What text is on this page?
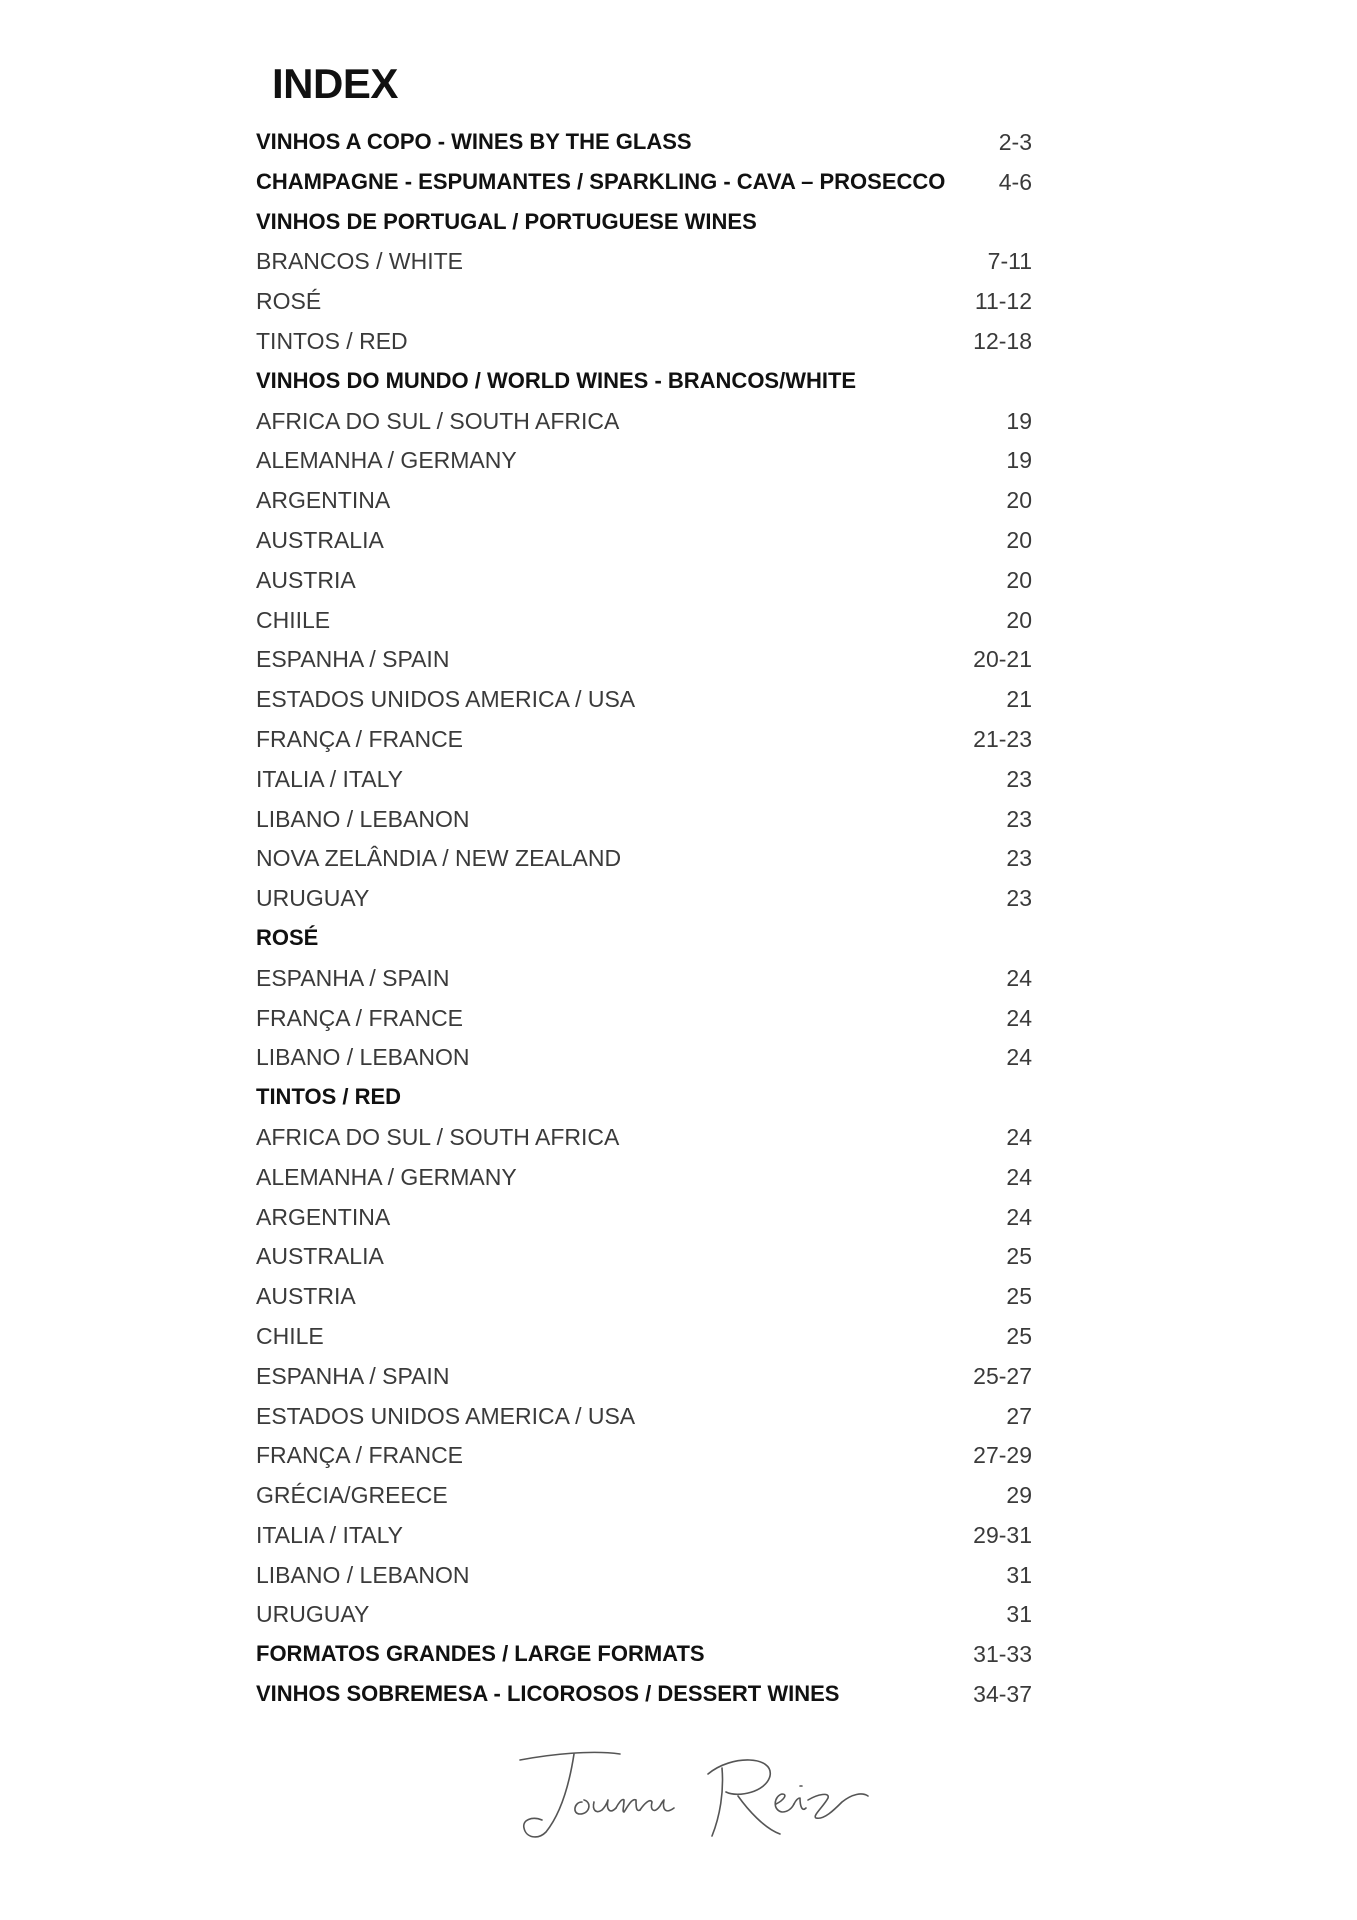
INDEX
VINHOS A COPO - WINES BY THE GLASS	2-3
CHAMPAGNE - ESPUMANTES / SPARKLING - CAVA – PROSECCO 4-6
VINHOS DE PORTUGAL / PORTUGUESE WINES
BRANCOS / WHITE	7-11
ROSÉ	11-12
TINTOS / RED	12-18
VINHOS DO MUNDO / WORLD WINES - BRANCOS/WHITE
AFRICA DO SUL / SOUTH AFRICA	19
ALEMANHA / GERMANY	19
ARGENTINA	20
AUSTRALIA	20
AUSTRIA	20
CHIILE	20
ESPANHA / SPAIN	20-21
ESTADOS UNIDOS AMERICA / USA	21
FRANÇA / FRANCE	21-23
ITALIA / ITALY	23
LIBANO / LEBANON	23
NOVA ZELÂNDIA / NEW ZEALAND	23
URUGUAY	23
ROSÉ
ESPANHA / SPAIN	24
FRANÇA / FRANCE	24
LIBANO / LEBANON	24
TINTOS / RED
AFRICA DO SUL / SOUTH AFRICA	24
ALEMANHA / GERMANY	24
ARGENTINA	24
AUSTRALIA	25
AUSTRIA	25
CHILE	25
ESPANHA / SPAIN	25-27
ESTADOS UNIDOS AMERICA / USA	27
FRANÇA / FRANCE	27-29
GRÉCIA/GREECE	29
ITALIA / ITALY	29-31
LIBANO / LEBANON	31
URUGUAY	31
FORMATOS GRANDES / LARGE FORMATS	31-33
VINHOS SOBREMESA - LICOROSOS / DESSERT WINES	34-37
